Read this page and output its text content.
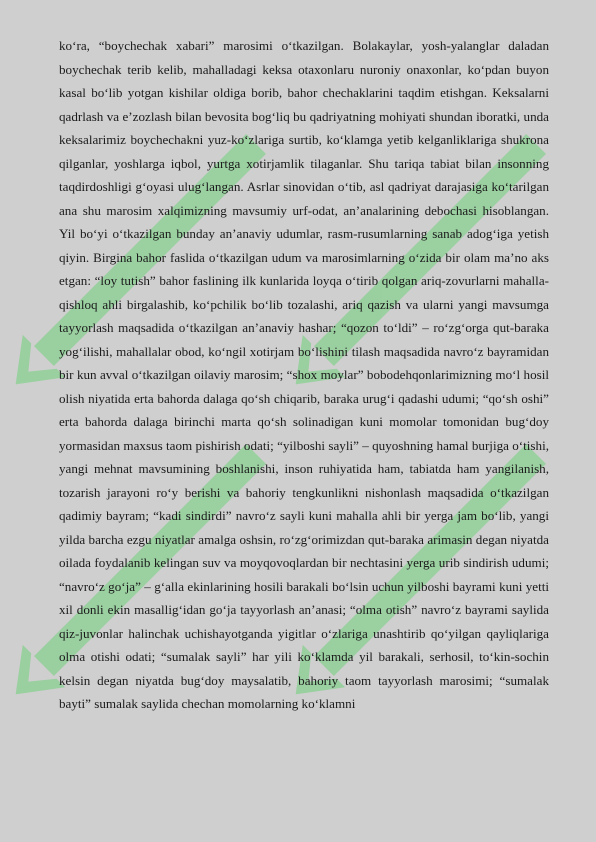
ko‘ra, “boychechak xabari” marosimi o‘tkazilgan. Bolakaylar, yosh-yalanglar daladan boychechak terib kelib, mahalladagi keksa otaxonlaru nuroniy onaxonlar, ko‘pdan buyon kasal bo‘lib yotgan kishilar oldiga borib, bahor chechaklarini taqdim etishgan. Keksalarni qadrlash va e’zozlash bilan bevosita bog‘liq bu qadriyatning mohiyati shundan iboratki, unda keksalarimiz boychechakni yuz-ko‘zlariga surtib, ko‘klamga yetib kelganliklariga shukrona qilganlar, yoshlarga iqbol, yurtga xotirjamlik tilaganlar. Shu tariqa tabiat bilan insonning taqdirdoshligi g‘oyasi ulug‘langan. Asrlar sinovidan o‘tib, asl qadriyat darajasiga ko‘tarilgan ana shu marosim xalqimizning mavsumiy urf-odat, an’analarining debochasi hisoblangan. Yil bo‘yi o‘tkazilgan bunday an’anaviy udumlar, rasm-rusumlarning sanab adog‘iga yetish qiyin. Birgina bahor faslida o‘tkazilgan udum va marosimlarning o‘zida bir olam ma’no aks etgan: “loy tutish” bahor faslining ilk kunlarida loyqa o‘tirib qolgan ariq-zovurlarni mahalla-qishloq ahli birgalashib, ko‘pchilik bo‘lib tozalashi, ariq qazish va ularni yangi mavsumga tayyorlash maqsadida o‘tkazilgan an’anaviy hashar; “qozon to‘ldi” – ro‘zg‘orga qut-baraka yog‘ilishi, mahallalar obod, ko‘ngil xotirjam bo‘lishini tilash maqsadida navro‘z bayramidan bir kun avval o‘tkazilgan oilaviy marosim; “shox moylar” bobodehqonlarimizning mo‘l hosil olish niyatida erta bahorda dalaga qo‘sh chiqarib, baraka urug‘i qadashi udumi; “qo‘sh oshi” erta bahorda dalaga birinchi marta qo‘sh solinadigan kuni momolar tomonidan bug‘doy yormasidan maxsus taom pishirish odati; “yilboshi sayli” – quyoshning hamal burjiga o‘tishi, yangi mehnat mavsumining boshlanishi, inson ruhiyatida ham, tabiatda ham yangilanish, tozarish jarayoni ro‘y berishi va bahoriy tengkunlikni nishonlash maqsadida o‘tkazilgan qadimiy bayram; “kadi sindirdi” navro‘z sayli kuni mahalla ahli bir yerga jam bo‘lib, yangi yilda barcha ezgu niyatlar amalga oshsin, ro‘zg‘orimizdan qut-baraka arimasin degan niyatda oilada foydalanib kelingan suv va moyqovoqlardan bir nechtasini yerga urib sindirish udumi; “navro‘z go‘ja” – g‘alla ekinlarining hosili barakali bo‘lsin uchun yilboshi bayrami kuni yetti xil donli ekin masallig‘idan go‘ja tayyorlash an’anasi; “olma otish” navro‘z bayrami saylida qiz-juvonlar halinchak uchishayotganda yigitlar o‘zlariga unashtirib qo‘yilgan qayliqlariga olma otishi odati; “sumalak sayli” har yili ko‘klamda yil barakali, serhosil, to‘kin-sochin kelsin degan niyatda bug‘doy maysalatib, bahoriy taom tayyorlash marosimi; “sumalak bayti” sumalak saylida chechan momolarning ko‘klamni
